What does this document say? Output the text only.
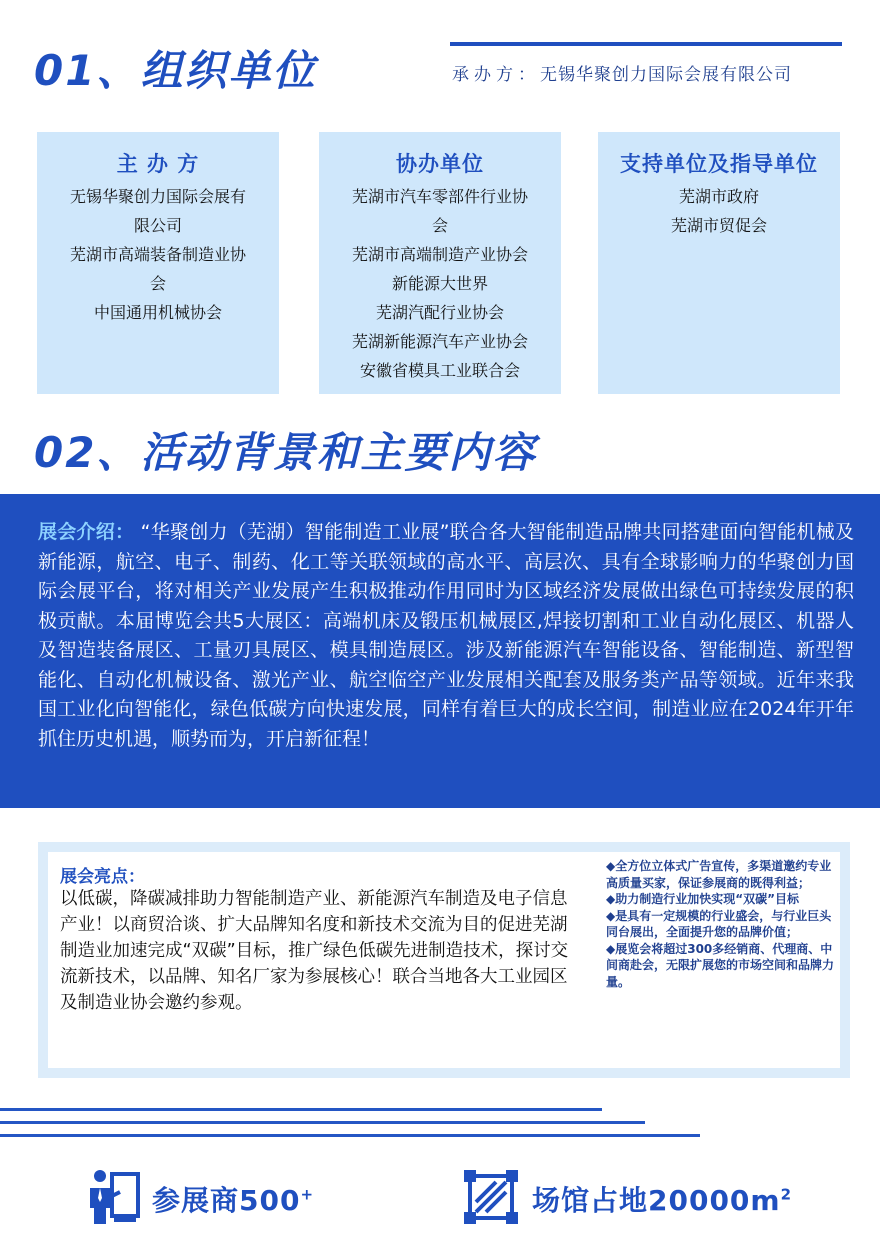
01、组织单位	承办方：无锡华聚创力国际会展有限公司
主 办 方
无锡华聚创力国际会展有
限公司
芜湖市高端装备制造业协
会
中国通用机械协会
协办单位
芜湖市汽车零部件行业协
会
芜湖市高端制造产业协会
新能源大世界
芜湖汽配行业协会
芜湖新能源汽车产业协会
安徽省模具工业联合会
支持单位及指导单位
芜湖市政府
芜湖市贸促会
02、活动背景和主要内容
展会介绍： “华聚创力（芜湖）智能制造工业展”联合各大智能制造品牌共同搭建面向智能机械及新能源，航空、电子、制药、化工等关联领域的高水平、高层次、具有全球影响力的华聚创力国际会展平台，将对相关产业发展产生积极推动作用同时为区域经济发展做出绿色可持续发展的积极贡献。本届博览会共5大展区：高端机床及锻压机械展区,焊接切割和工业自动化展区、机器人及智造装备展区、工量刃具展区、模具制造展区。涉及新能源汽车智能设备、智能制造、新型智能化、自动化机械设备、激光产业、航空临空产业发展相关配套及服务类产品等领域。近年来我国工业化向智能化，绿色低碳方向快速发展，同样有着巨大的成长空间，制造业应在2024年开年抓住历史机遇，顺势而为，开启新征程！
展会亮点：
以低碳，降碳减排助力智能制造产业、新能源汽车制造及电子信息产业！以商贸洽谈、扩大品牌知名度和新技术交流为目的促进芜湖制造业加速完成“双碳”目标，推广绿色低碳先进制造技术，探讨交流新技术，以品牌、知名厂家为参展核心！联合当地各大工业园区及制造业协会邀约参观。

◆全方位立体式广告宣传，多渠道邀约专业高质量买家，保证参展商的既得利益；

◆助力制造行业加快实现“双碳”目标

◆是具有一定规模的行业盛会，与行业巨头同台展出，全面提升您的品牌价值；

◆展览会将超过300多经销商、代理商、中间商赴会，无限扩展您的市场空间和品牌力量。

参展商500+	场馆占地$20000m^2$
